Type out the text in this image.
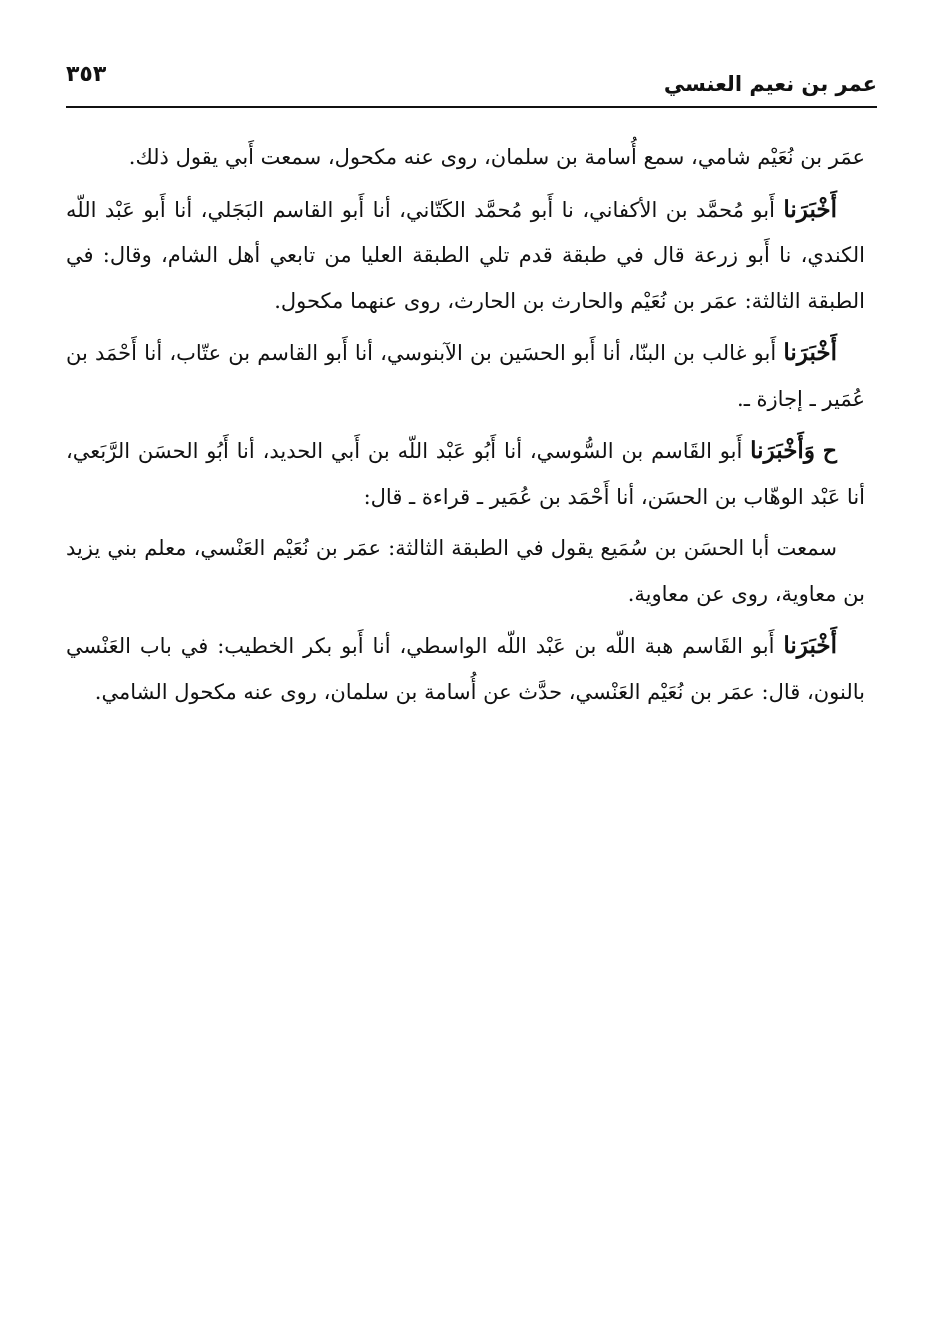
عمر بن نعيم العنسي
٣٥٣

عمَر بن نُعَيْم شامي، سمع أُسامة بن سلمان، روى عنه مكحول، سمعت أَبي يقول ذلك.

أَخْبَرَنا أَبو مُحمَّد بن الأكفاني، نا أَبو مُحمَّد الكَتّاني، أنا أَبو القاسم البَجَلي، أنا أَبو عَبْد اللّه الكندي، نا أَبو زرعة قال في طبقة قدم تلي الطبقة العليا من تابعي أهل الشام، وقال: في الطبقة الثالثة: عمَر بن نُعَيْم والحارث بن الحارث، روى عنهما مكحول.

أَخْبَرَنا أَبو غالب بن البنّا، أنا أَبو الحسَين بن الآبنوسي، أنا أَبو القاسم بن عتّاب، أنا أَحْمَد بن عُمَير ـ إجازة ـ.

ح وَأَخْبَرَنا أَبو القَاسم بن السُّوسي، أنا أَبُو عَبْد اللّه بن أَبي الحديد، أنا أَبُو الحسَن الرَّبَعي، أنا عَبْد الوهّاب بن الحسَن، أنا أَحْمَد بن عُمَير ـ قراءة ـ قال:

سمعت أبا الحسَن بن سُمَيع يقول في الطبقة الثالثة: عمَر بن نُعَيْم العَنْسي، معلم بني يزيد بن معاوية، روى عن معاوية.

أَخْبَرَنا أَبو القَاسم هبة اللّه بن عَبْد اللّه الواسطي، أنا أَبو بكر الخطيب: في باب العَنْسي بالنون، قال: عمَر بن نُعَيْم العَنْسي، حدَّث عن أُسامة بن سلمان، روى عنه مكحول الشامي.
